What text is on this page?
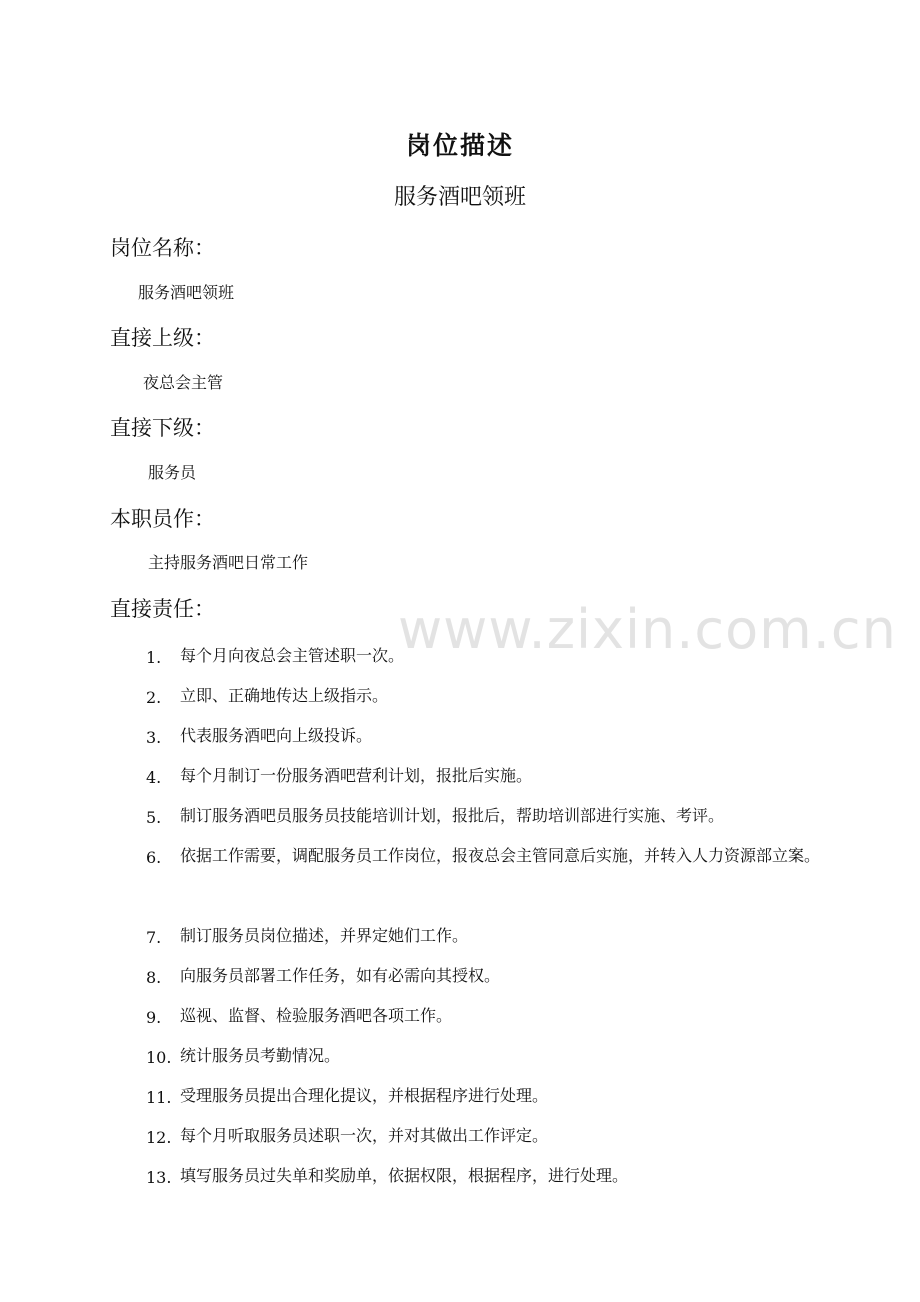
岗位描述
服务酒吧领班
岗位名称：
服务酒吧领班
直接上级：
夜总会主管
直接下级：
服务员
本职员作：
主持服务酒吧日常工作
直接责任：	www.zixin.com.cn
1. 每个月向夜总会主管述职一次。
2. 立即、正确地传达上级指示。
3. 代表服务酒吧向上级投诉。
4. 每个月制订一份服务酒吧营利计划，报批后实施。
5. 制订服务酒吧员服务员技能培训计划，报批后，帮助培训部进行实施、考评。
6. 依据工作需要，调配服务员工作岗位，报夜总会主管同意后实施，并转入人力资源部立案。
7. 制订服务员岗位描述，并界定她们工作。
8. 向服务员部署工作任务，如有必需向其授权。
9. 巡视、监督、检验服务酒吧各项工作。
10. 统计服务员考勤情况。
11. 受理服务员提出合理化提议，并根据程序进行处理。
12. 每个月听取服务员述职一次，并对其做出工作评定。
13. 填写服务员过失单和奖励单，依据权限，根据程序，进行处理。
